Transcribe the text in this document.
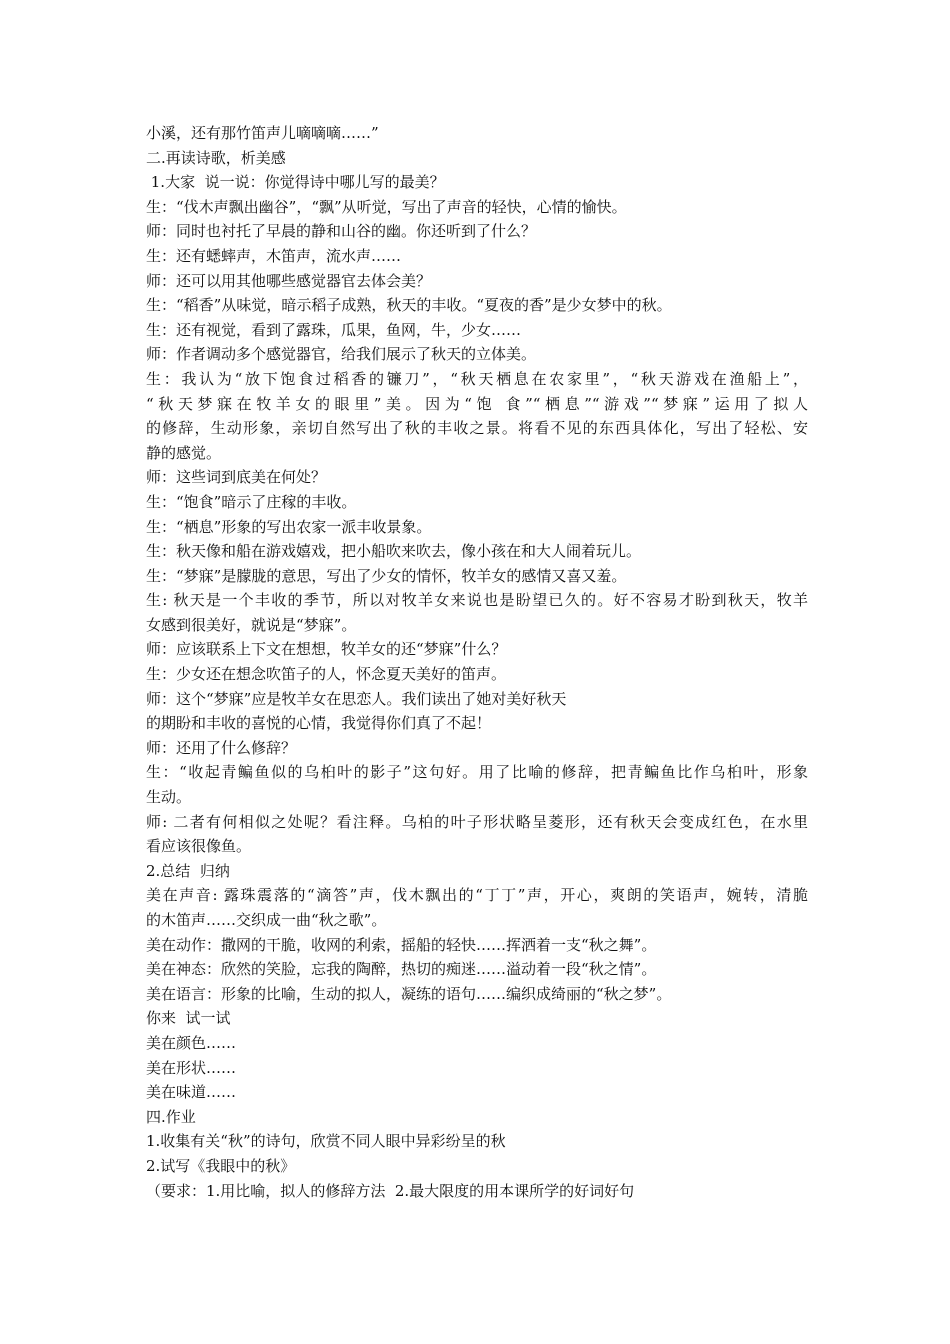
小溪，还有那竹笛声儿嘀嘀嘀……”
二.再读诗歌，析美感
1.大家  说一说：你觉得诗中哪儿写的最美？
生：“伐木声飘出幽谷”，“飘”从听觉，写出了声音的轻快，心情的愉快。
师：同时也衬托了早晨的静和山谷的幽。你还听到了什么？
生：还有蟋蟀声，木笛声，流水声……
师：还可以用其他哪些感觉器官去体会美？
生：“稻香”从味觉，暗示稻子成熟，秋天的丰收。“夏夜的香”是少女梦中的秋。
生：还有视觉，看到了露珠，瓜果，鱼网，牛，少女……
师：作者调动多个感觉器官，给我们展示了秋天的立体美。
生：我认为“放下饱食过稻香的镰刀”，“秋天栖息在农家里”，“秋天游戏在渔船上”，
“秋天梦寐在牧羊女的眼里”美。因为“饱 食”“栖息”“游戏”“梦寐”运用了拟人
的修辞，生动形象，亲切自然写出了秋的丰收之景。将看不见的东西具体化，写出了轻松、安
静的感觉。
师：这些词到底美在何处？
生：“饱食”暗示了庄稼的丰收。
生：“栖息”形象的写出农家一派丰收景象。
生：秋天像和船在游戏嬉戏，把小船吹来吹去，像小孩在和大人闹着玩儿。
生：“梦寐”是朦胧的意思，写出了少女的情怀，牧羊女的感情又喜又羞。
生: 秋天是一个丰收的季节，所以对牧羊女来说也是盼望已久的。好不容易才盼到秋天，牧羊
女感到很美好，就说是“梦寐”。
师：应该联系上下文在想想，牧羊女的还“梦寐”什么？
生：少女还在想念吹笛子的人，怀念夏天美好的笛声。
师：这个“梦寐”应是牧羊女在思恋人。我们读出了她对美好秋天
的期盼和丰收的喜悦的心情，我觉得你们真了不起！
师：还用了什么修辞？
生：“收起青鳊鱼似的乌桕叶的影子”这句好。用了比喻的修辞，把青鳊鱼比作乌桕叶，形象
生动。
师: 二者有何相似之处呢？看注释。乌柏的叶子形状略呈菱形，还有秋天会变成红色，在水里
看应该很像鱼。
2.总结  归纳
美在声音: 露珠震落的“滴答”声，伐木飘出的“丁丁”声，开心，爽朗的笑语声，婉转，清脆
的木笛声……交织成一曲“秋之歌”。
美在动作：撒网的干脆，收网的利索，摇船的轻快……挥洒着一支“秋之舞”。
美在神态：欣然的笑脸，忘我的陶醉，热切的痴迷……溢动着一段“秋之情”。
美在语言：形象的比喻，生动的拟人，凝练的语句……编织成绮丽的“秋之梦”。
你来  试一试
美在颜色……
美在形状……
美在味道……
四.作业
1.收集有关“秋”的诗句，欣赏不同人眼中异彩纷呈的秋
2.试写《我眼中的秋》
（要求：1.用比喻，拟人的修辞方法  2.最大限度的用本课所学的好词好句
